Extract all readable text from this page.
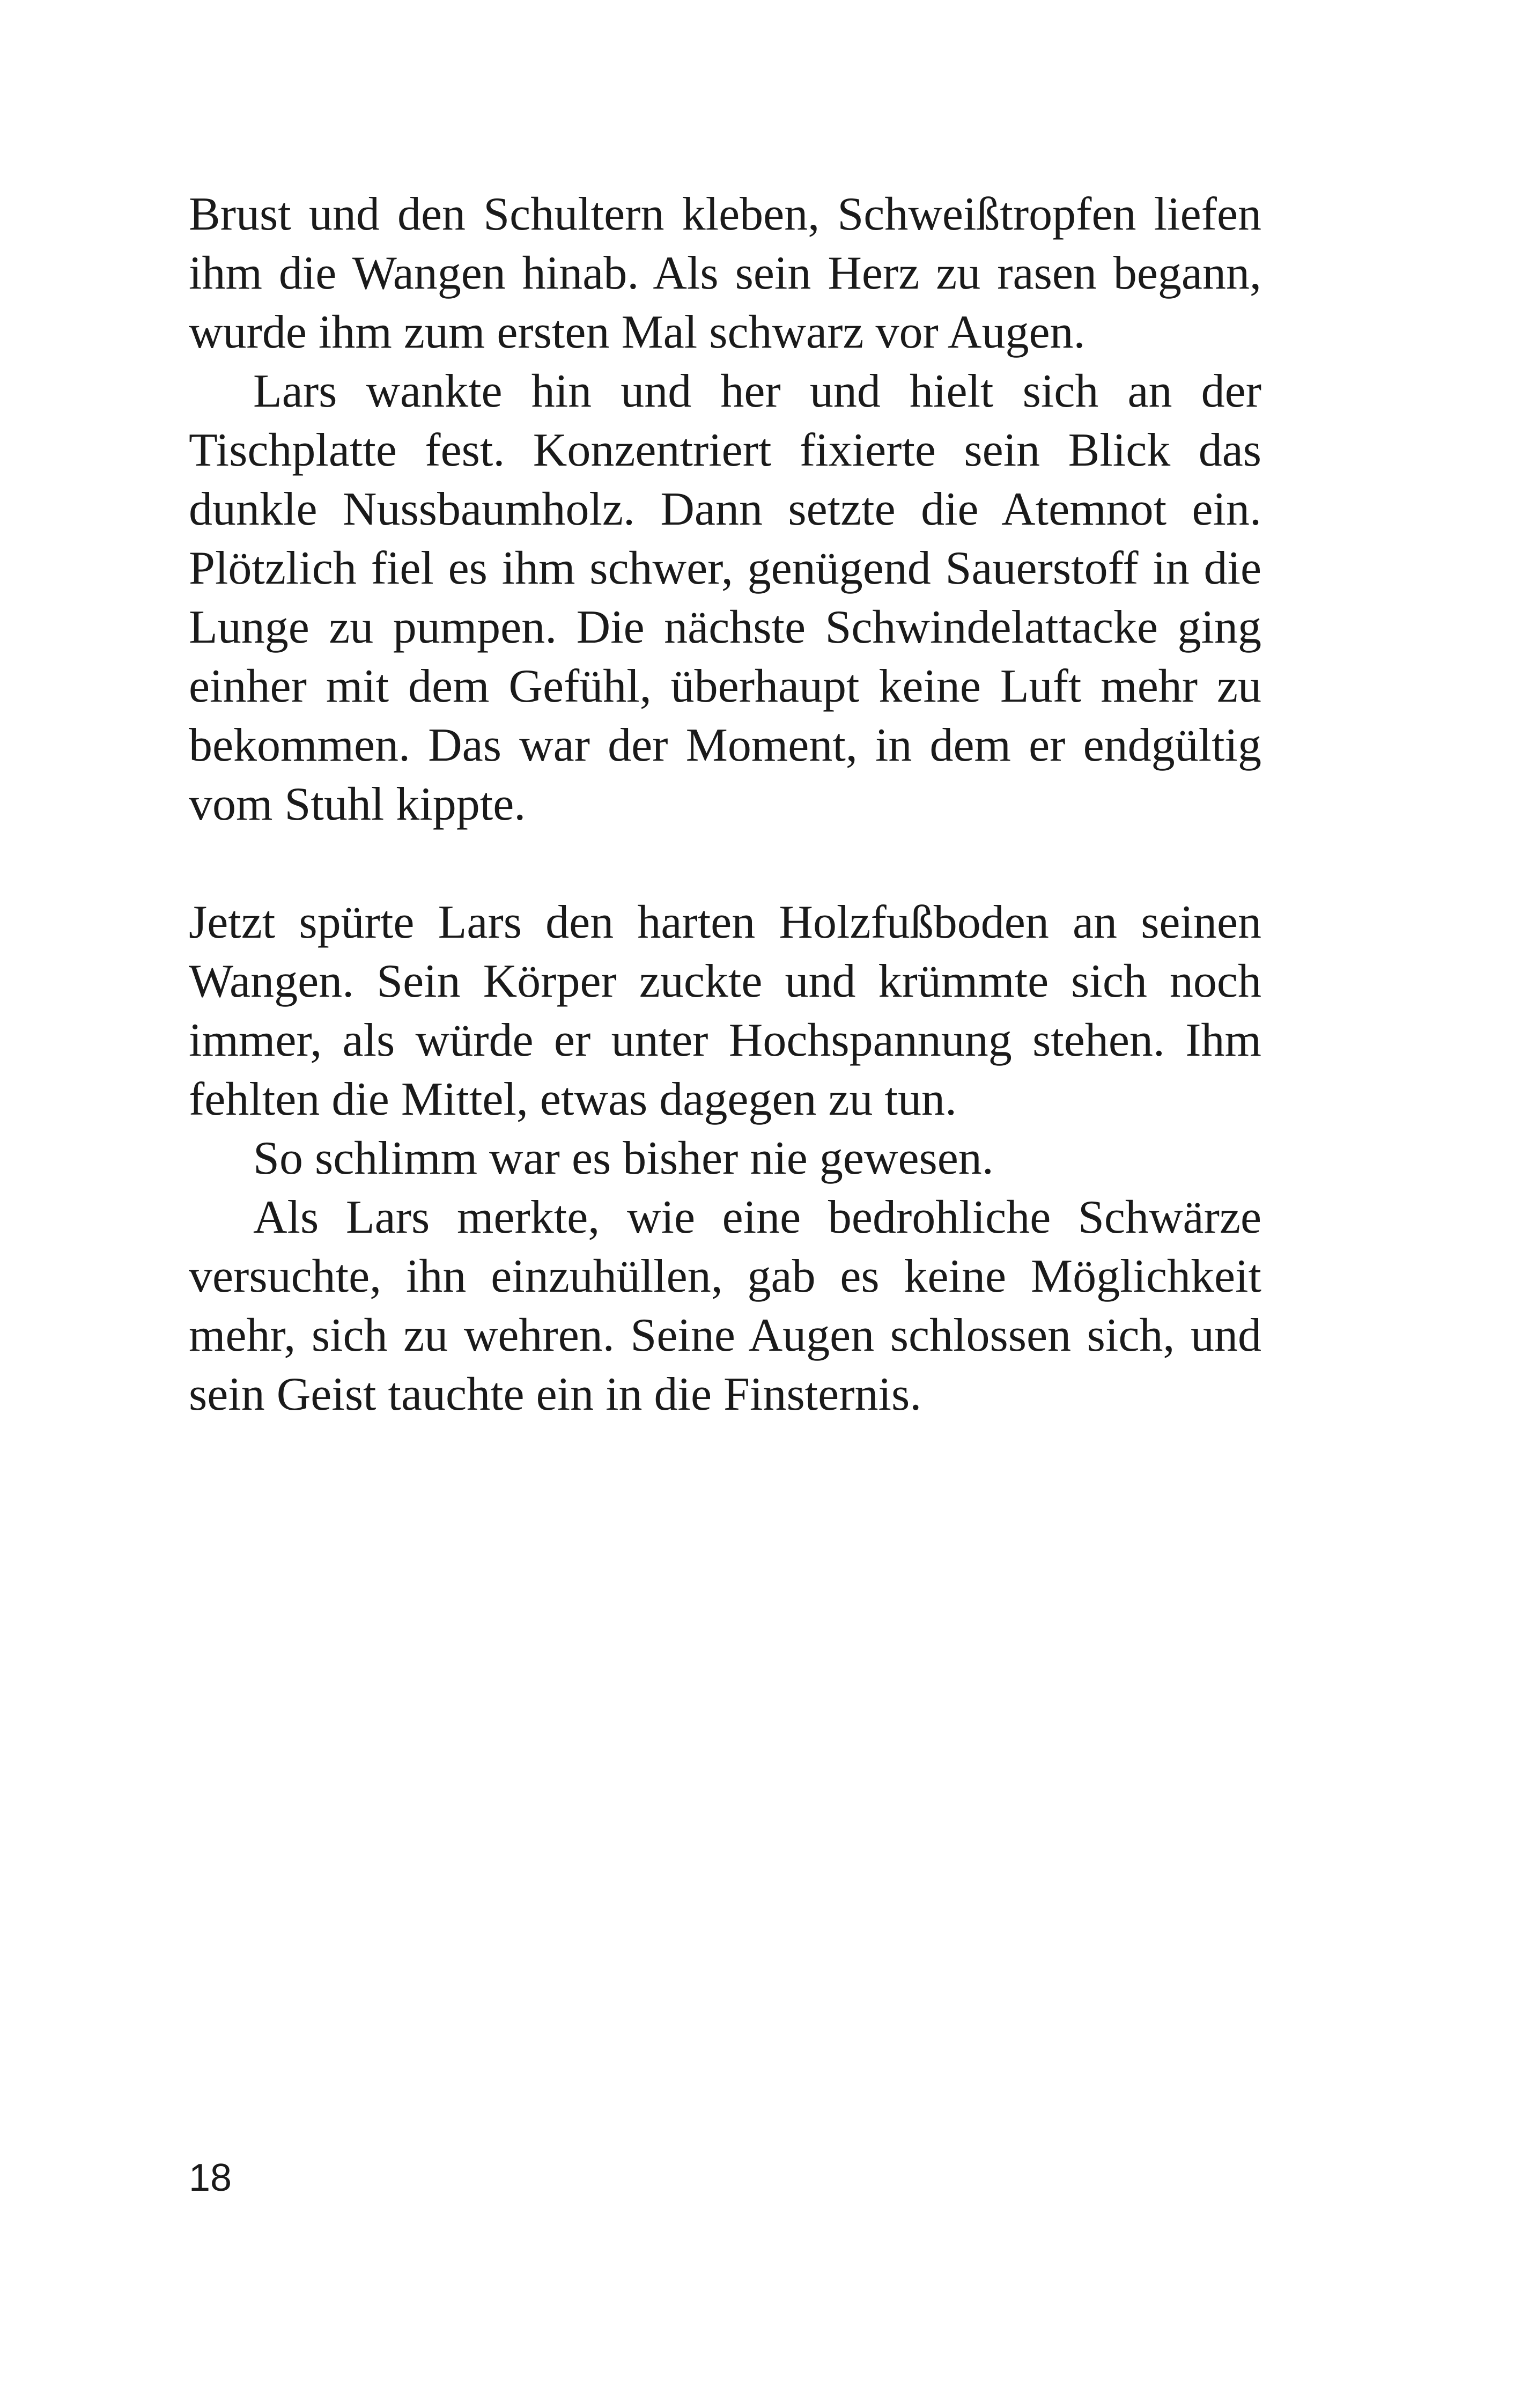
Brust und den Schultern kleben, Schweißtropfen liefen ihm die Wangen hinab. Als sein Herz zu rasen begann, wurde ihm zum ersten Mal schwarz vor Augen.

Lars wankte hin und her und hielt sich an der Tischplatte fest. Konzentriert fixierte sein Blick das dunkle Nussbaumholz. Dann setzte die Atemnot ein. Plötzlich fiel es ihm schwer, genügend Sauerstoff in die Lunge zu pumpen. Die nächste Schwindelattacke ging einher mit dem Gefühl, überhaupt keine Luft mehr zu bekommen. Das war der Moment, in dem er endgültig vom Stuhl kippte.

Jetzt spürte Lars den harten Holzfußboden an seinen Wangen. Sein Körper zuckte und krümmte sich noch immer, als würde er unter Hochspannung stehen. Ihm fehlten die Mittel, etwas dagegen zu tun.

So schlimm war es bisher nie gewesen.

Als Lars merkte, wie eine bedrohliche Schwärze versuchte, ihn einzuhüllen, gab es keine Möglichkeit mehr, sich zu wehren. Seine Augen schlossen sich, und sein Geist tauchte ein in die Finsternis.

18
